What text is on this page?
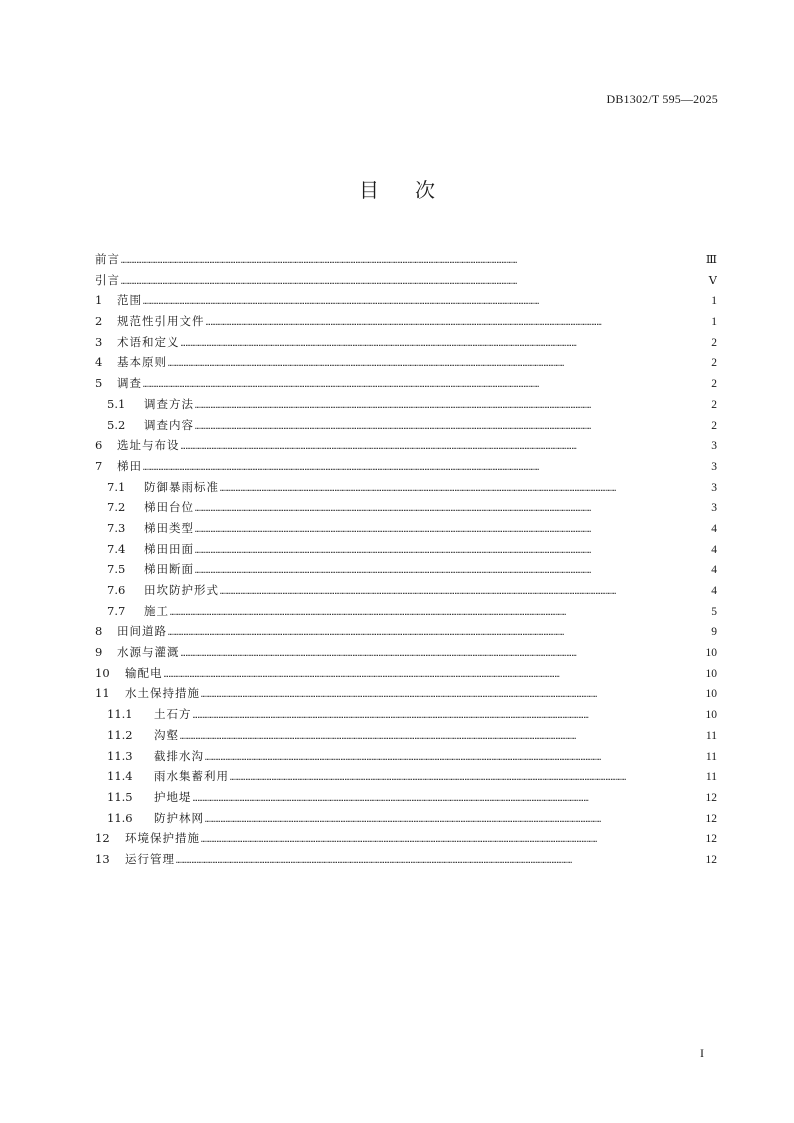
DB1302/T 595—2025
目次
前言 …………………………………………………………………………………………………………………………………………………………………………………………………………	Ⅲ
引言 …………………………………………………………………………………………………………………………………………………………………………………………………………	Ⅴ
1	范围 …………………………………………………………………………………………………………………………………………………………………………………………………………	1
2	规范性引用文件 …………………………………………………………………………………………………………………………………………………………………………………………………………	1
3	术语和定义 …………………………………………………………………………………………………………………………………………………………………………………………………………	2
4	基本原则 …………………………………………………………………………………………………………………………………………………………………………………………………………	2
5	调查 …………………………………………………………………………………………………………………………………………………………………………………………………………	2
5.1	调查方法 …………………………………………………………………………………………………………………………………………………………………………………………………………	2
5.2	调查内容 …………………………………………………………………………………………………………………………………………………………………………………………………………	2
6	选址与布设 …………………………………………………………………………………………………………………………………………………………………………………………………………	3
7	梯田 …………………………………………………………………………………………………………………………………………………………………………………………………………	3
7.1	防御暴雨标准 …………………………………………………………………………………………………………………………………………………………………………………………………………	3
7.2	梯田台位 …………………………………………………………………………………………………………………………………………………………………………………………………………	3
7.3	梯田类型 …………………………………………………………………………………………………………………………………………………………………………………………………………	4
7.4	梯田田面 …………………………………………………………………………………………………………………………………………………………………………………………………………	4
7.5	梯田断面 …………………………………………………………………………………………………………………………………………………………………………………………………………	4
7.6	田坎防护形式 …………………………………………………………………………………………………………………………………………………………………………………………………………	4
7.7	施工 …………………………………………………………………………………………………………………………………………………………………………………………………………	5
8	田间道路 …………………………………………………………………………………………………………………………………………………………………………………………………………	9
9	水源与灌溉 …………………………………………………………………………………………………………………………………………………………………………………………………………	10
10	输配电 …………………………………………………………………………………………………………………………………………………………………………………………………………	10
11	水土保持措施 …………………………………………………………………………………………………………………………………………………………………………………………………………	10
11.1	土石方 …………………………………………………………………………………………………………………………………………………………………………………………………………	10
11.2	沟壑 …………………………………………………………………………………………………………………………………………………………………………………………………………	11
11.3	截排水沟 …………………………………………………………………………………………………………………………………………………………………………………………………………	11
11.4	雨水集蓄利用 …………………………………………………………………………………………………………………………………………………………………………………………………………	11
11.5	护地堤 …………………………………………………………………………………………………………………………………………………………………………………………………………	12
11.6	防护林网 …………………………………………………………………………………………………………………………………………………………………………………………………………	12
12	环境保护措施 …………………………………………………………………………………………………………………………………………………………………………………………………………	12
13	运行管理 …………………………………………………………………………………………………………………………………………………………………………………………………………	12
I
